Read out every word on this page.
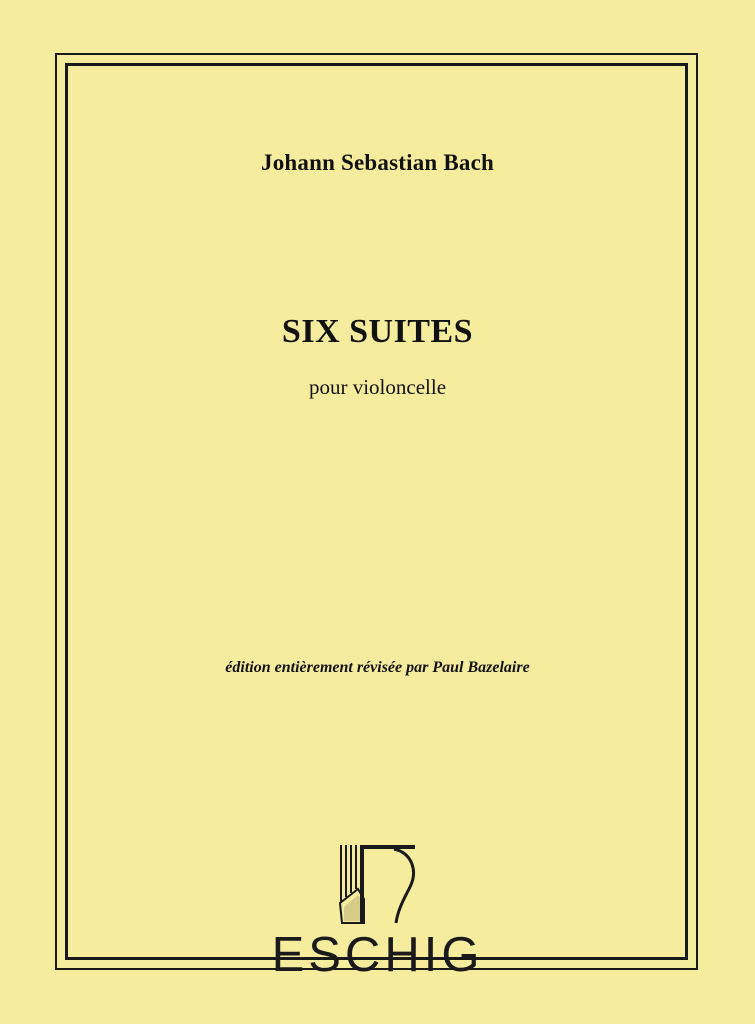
Johann Sebastian Bach
SIX SUITES
pour violoncelle
édition entièrement révisée par Paul Bazelaire
ESCHIG
